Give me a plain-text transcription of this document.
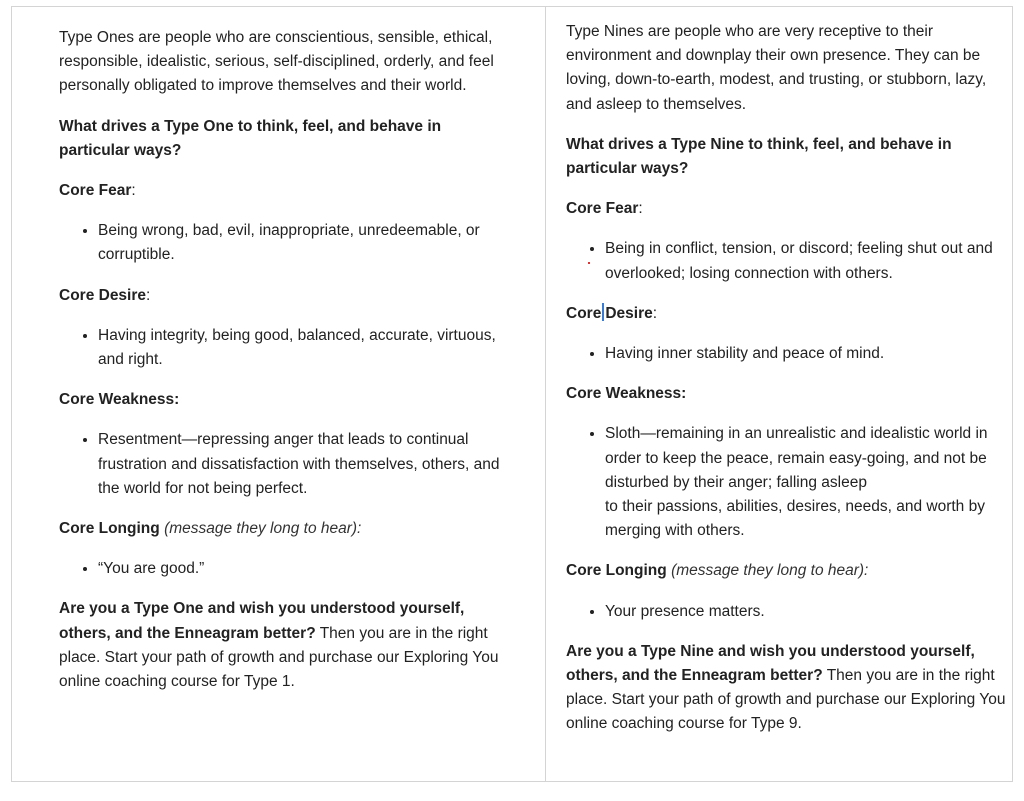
Type Ones are people who are conscientious, sensible, ethical, responsible, idealistic, serious, self-disciplined, orderly, and feel personally obligated to improve themselves and their world.

What drives a Type One to think, feel, and behave in particular ways?
Core Fear:
• Being wrong, bad, evil, inappropriate, unredeemable, or corruptible.
Core Desire:
• Having integrity, being good, balanced, accurate, virtuous, and right.
Core Weakness:
• Resentment—repressing anger that leads to continual frustration and dissatisfaction with themselves, others, and the world for not being perfect.
Core Longing (message they long to hear):
• “You are good.”

Are you a Type One and wish you understood yourself, others, and the Enneagram better? Then you are in the right place. Start your path of growth and purchase our Exploring You online coaching course for Type 1.

Type Nines are people who are very receptive to their environment and downplay their own presence. They can be loving, down-to-earth, modest, and trusting, or stubborn, lazy, and asleep to themselves.

What drives a Type Nine to think, feel, and behave in particular ways?
Core Fear:
• Being in conflict, tension, or discord; feeling shut out and overlooked; losing connection with others.
Core Desire:
• Having inner stability and peace of mind.
Core Weakness:
• Sloth—remaining in an unrealistic and idealistic world in order to keep the peace, remain easy-going, and not be disturbed by their anger; falling asleep
to their passions, abilities, desires, needs, and worth by merging with others.
Core Longing (message they long to hear):
• Your presence matters.

Are you a Type Nine and wish you understood yourself, others, and the Enneagram better? Then you are in the right place. Start your path of growth and purchase our Exploring You online coaching course for Type 9.
